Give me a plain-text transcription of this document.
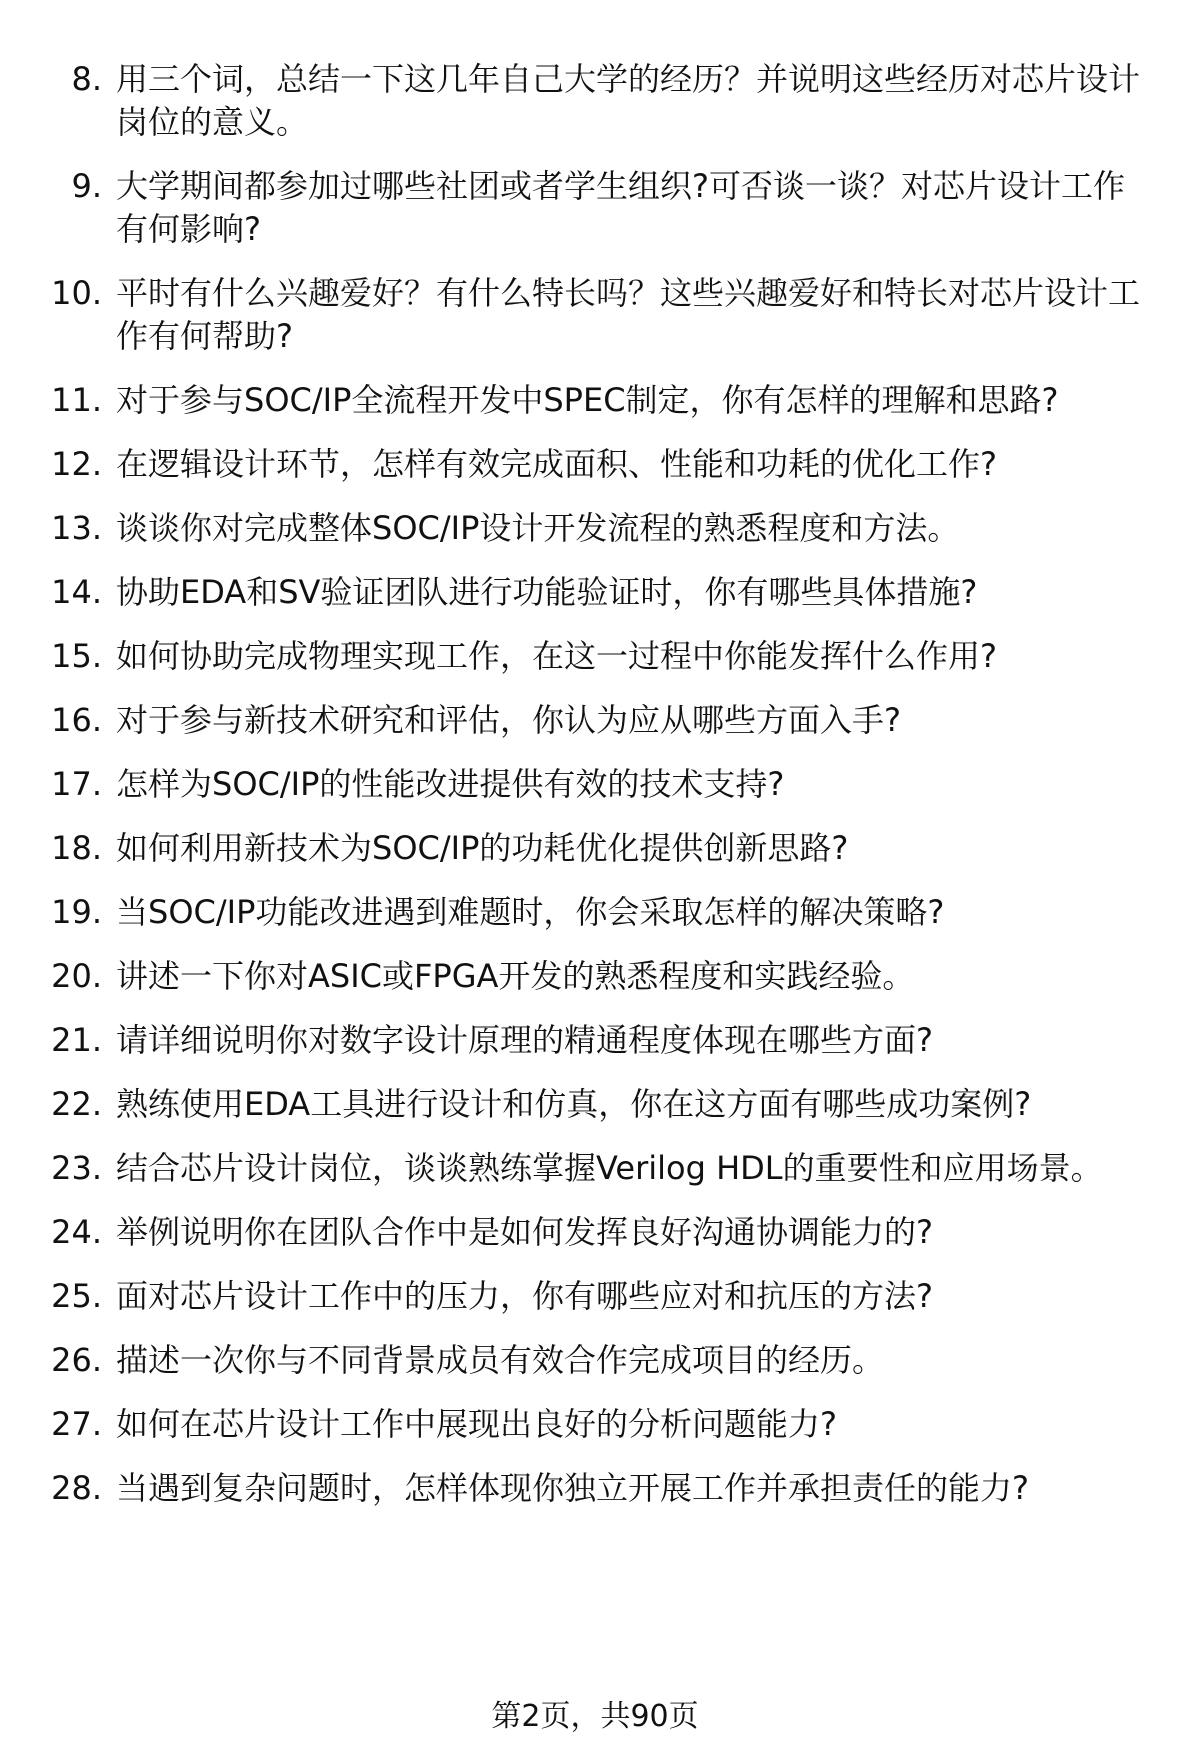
8. 用三个词，总结一下这几年自己大学的经历？并说明这些经历对芯片设计岗位的意义。
9. 大学期间都参加过哪些社团或者学生组织?可否谈一谈？对芯片设计工作有何影响?
10. 平时有什么兴趣爱好？有什么特长吗？这些兴趣爱好和特长对芯片设计工作有何帮助?
11. 对于参与SOC/IP全流程开发中SPEC制定，你有怎样的理解和思路?
12. 在逻辑设计环节，怎样有效完成面积、性能和功耗的优化工作?
13. 谈谈你对完成整体SOC/IP设计开发流程的熟悉程度和方法。
14. 协助EDA和SV验证团队进行功能验证时，你有哪些具体措施?
15. 如何协助完成物理实现工作，在这一过程中你能发挥什么作用?
16. 对于参与新技术研究和评估，你认为应从哪些方面入手?
17. 怎样为SOC/IP的性能改进提供有效的技术支持?
18. 如何利用新技术为SOC/IP的功耗优化提供创新思路?
19. 当SOC/IP功能改进遇到难题时，你会采取怎样的解决策略?
20. 讲述一下你对ASIC或FPGA开发的熟悉程度和实践经验。
21. 请详细说明你对数字设计原理的精通程度体现在哪些方面?
22. 熟练使用EDA工具进行设计和仿真，你在这方面有哪些成功案例?
23. 结合芯片设计岗位，谈谈熟练掌握Verilog HDL的重要性和应用场景。
24. 举例说明你在团队合作中是如何发挥良好沟通协调能力的?
25. 面对芯片设计工作中的压力，你有哪些应对和抗压的方法?
26. 描述一次你与不同背景成员有效合作完成项目的经历。
27. 如何在芯片设计工作中展现出良好的分析问题能力?
28. 当遇到复杂问题时，怎样体现你独立开展工作并承担责任的能力?
第2页，共90页
